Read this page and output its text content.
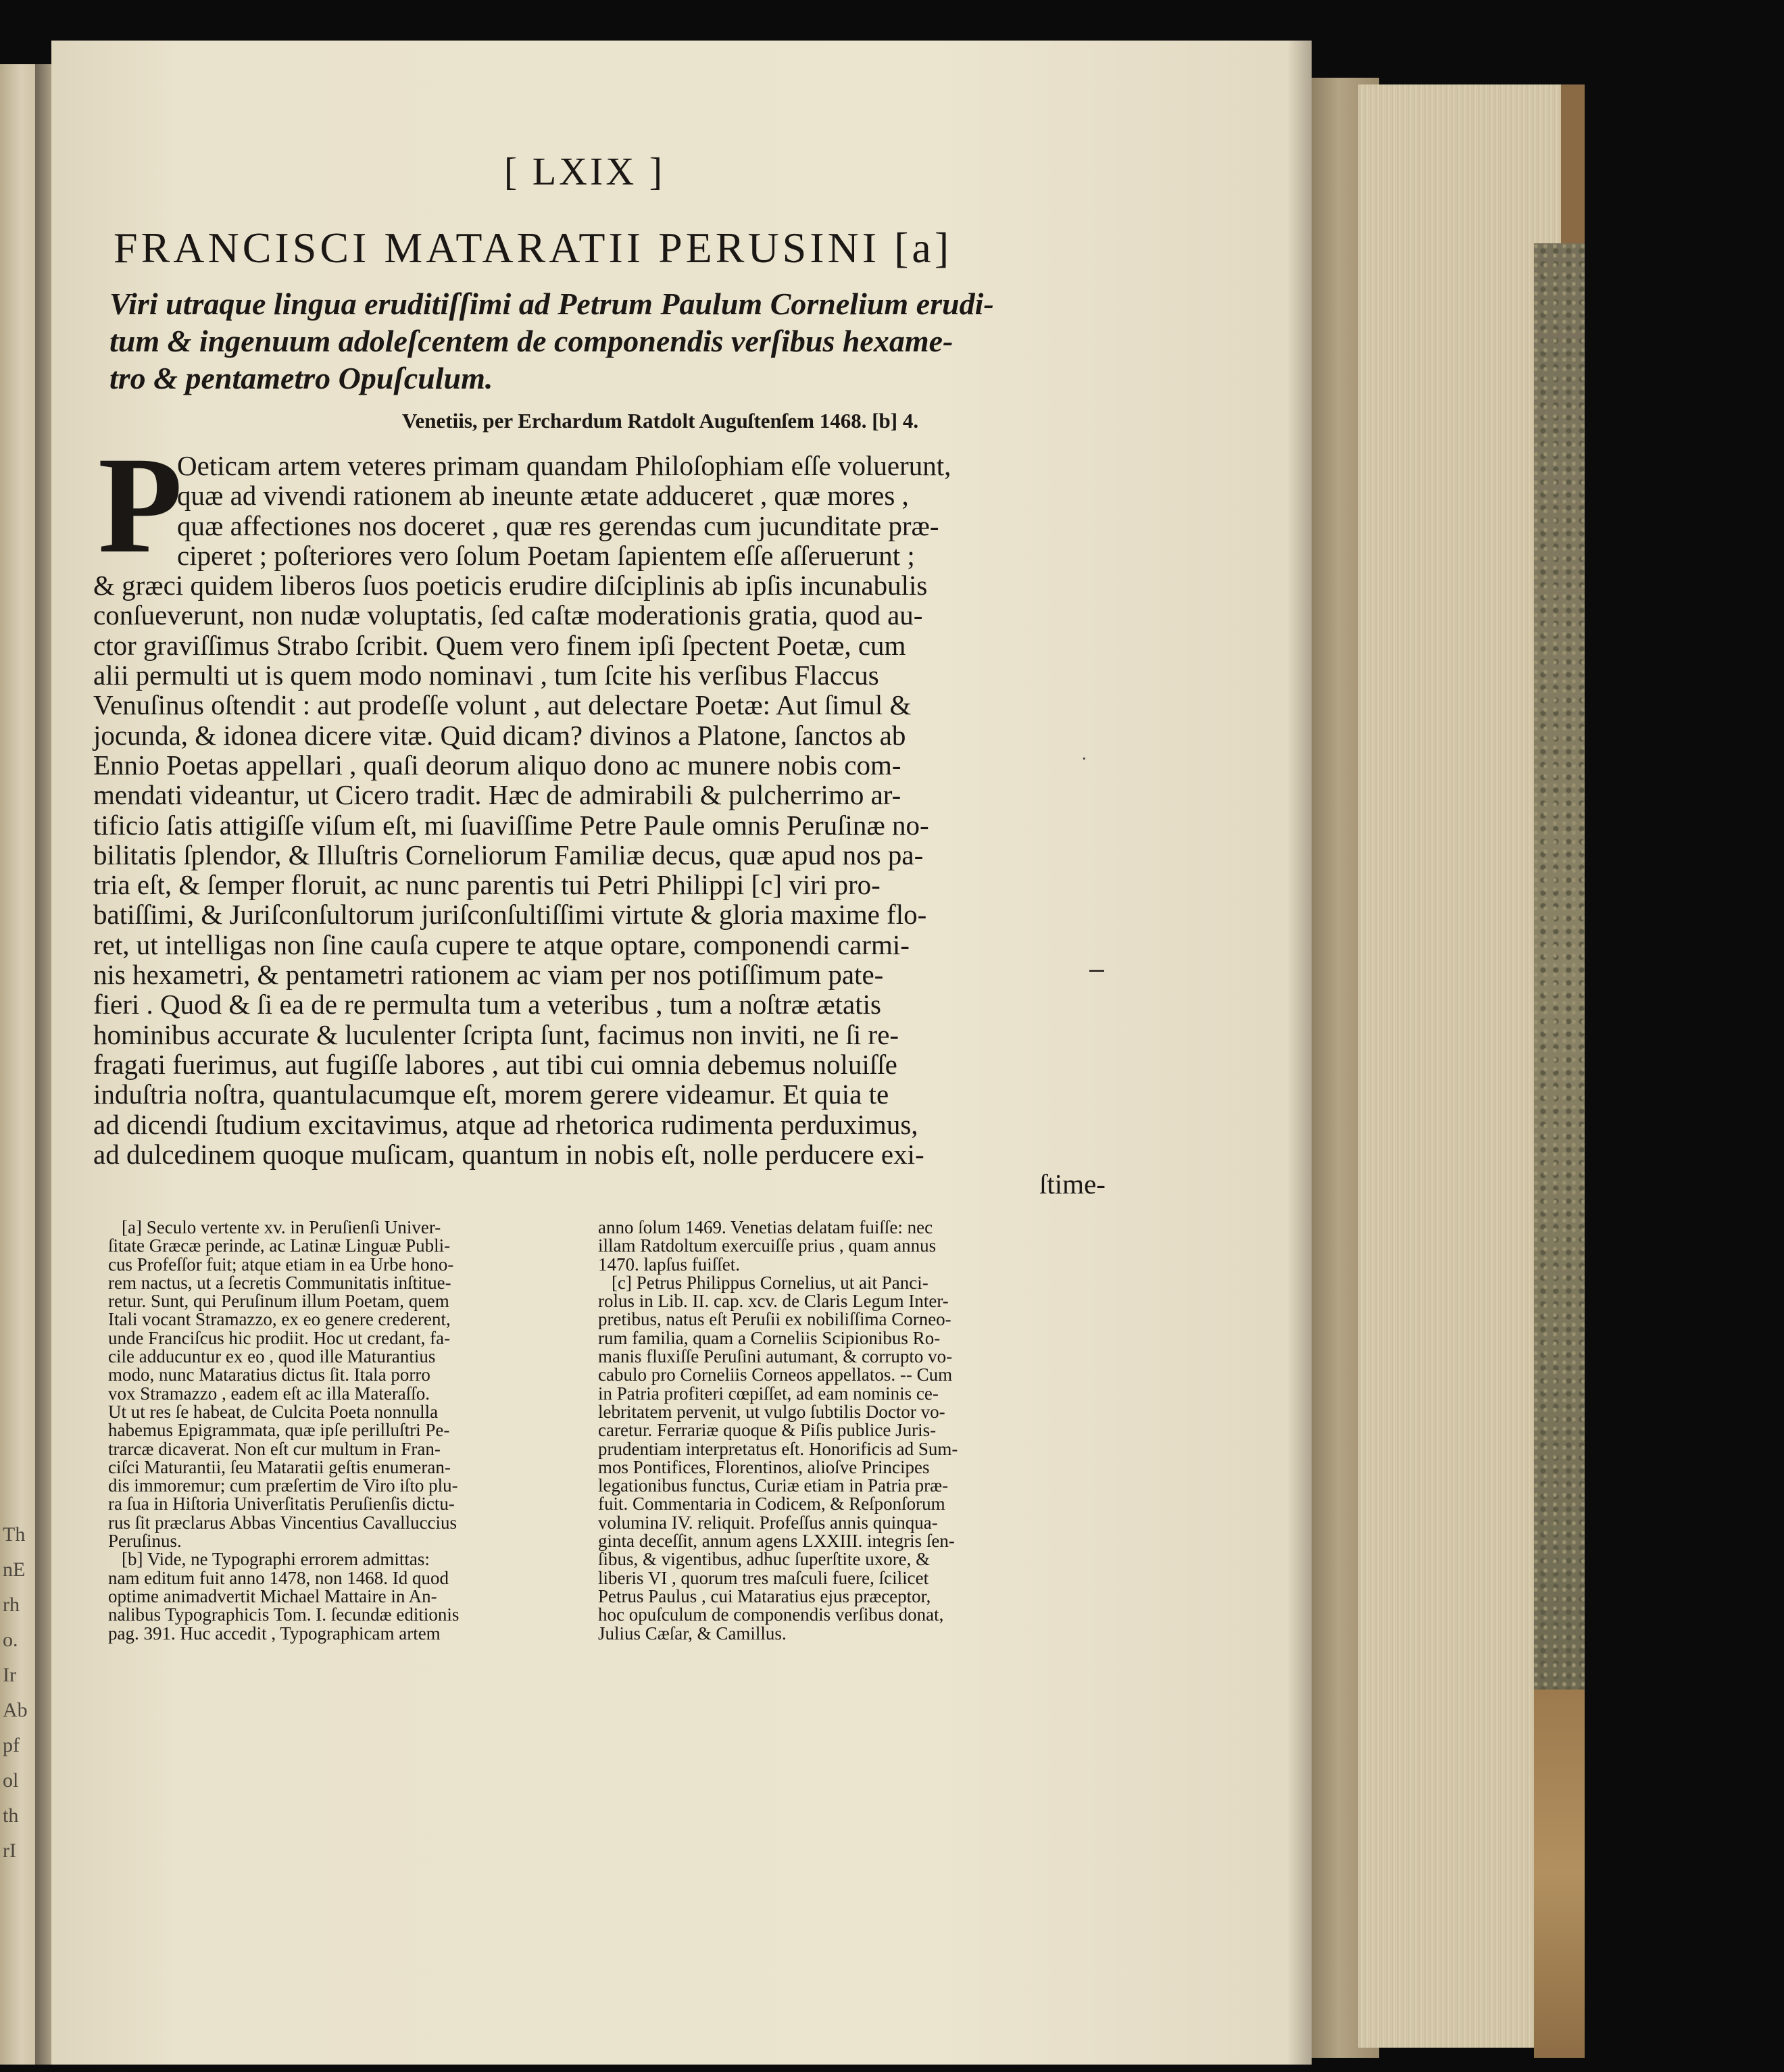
Th
nE
rh
o.
Ir
Ab
pf
ol
th
rI
[ LXIX ]
FRANCISCI MATARATII PERUSINI [a]
Viri utraque lingua eruditiſſimi ad Petrum Paulum Cornelium erudi-
tum & ingenuum adoleſcentem de componendis verſibus hexame-
tro & pentametro Opuſculum.
Venetiis, per Erchardum Ratdolt Auguſtenſem 1468. [b] 4.
P
Oeticam artem veteres primam quandam Philoſophiam eſſe voluerunt,
quæ ad vivendi rationem ab ineunte ætate adduceret , quæ mores ,
quæ affectiones nos doceret , quæ res gerendas cum jucunditate præ-
ciperet ; poſteriores vero ſolum Poetam ſapientem eſſe aſſeruerunt ;
& græci quidem liberos ſuos poeticis erudire diſciplinis ab ipſis incunabulis
conſueverunt, non nudæ voluptatis, ſed caſtæ moderationis gratia, quod au-
ctor graviſſimus Strabo ſcribit. Quem vero finem ipſi ſpectent Poetæ, cum
alii permulti ut is quem modo nominavi , tum ſcite his verſibus Flaccus
Venuſinus oſtendit : aut prodeſſe volunt , aut delectare Poetæ: Aut ſimul &
jocunda, & idonea dicere vitæ. Quid dicam? divinos a Platone, ſanctos ab
Ennio Poetas appellari , quaſi deorum aliquo dono ac munere nobis com-
mendati videantur, ut Cicero tradit. Hæc de admirabili & pulcherrimo ar-
tificio ſatis attigiſſe viſum eſt, mi ſuaviſſime Petre Paule omnis Peruſinæ no-
bilitatis ſplendor, & Illuſtris Corneliorum Familiæ decus, quæ apud nos pa-
tria eſt, & ſemper floruit, ac nunc parentis tui Petri Philippi [c] viri pro-
batiſſimi, & Juriſconſultorum juriſconſultiſſimi virtute & gloria maxime flo-
ret, ut intelligas non ſine cauſa cupere te atque optare, componendi carmi-
nis hexametri, & pentametri rationem ac viam per nos potiſſimum pate-
fieri . Quod & ſi ea de re permulta tum a veteribus , tum a noſtræ ætatis
hominibus accurate & luculenter ſcripta ſunt, facimus non inviti, ne ſi re-
fragati fuerimus, aut fugiſſe labores , aut tibi cui omnia debemus noluiſſe
induſtria noſtra, quantulacumque eſt, morem gerere videamur. Et quia te
ad dicendi ſtudium excitavimus, atque ad rhetorica rudimenta perduximus,
ad dulcedinem quoque muſicam, quantum in nobis eſt, nolle perducere exi-
ſtime-
·
[a] Seculo vertente xv. in Peruſienſi Univer-
ſitate Græcæ perinde, ac Latinæ Linguæ Publi-
cus Profeſſor fuit; atque etiam in ea Urbe hono-
rem nactus, ut a ſecretis Communitatis inſtitue-
retur. Sunt, qui Peruſinum illum Poetam, quem
Itali vocant Stramazzo, ex eo genere crederent,
unde Franciſcus hic prodiit. Hoc ut credant, fa-
cile adducuntur ex eo , quod ille Maturantius
modo, nunc Mataratius dictus ſit. Itala porro
vox Stramazzo , eadem eſt ac illa Materaſſo.
Ut ut res ſe habeat, de Culcita Poeta nonnulla
habemus Epigrammata, quæ ipſe perilluſtri Pe-
trarcæ dicaverat. Non eſt cur multum in Fran-
ciſci Maturantii, ſeu Mataratii geſtis enumeran-
dis immoremur; cum præſertim de Viro iſto plu-
ra ſua in Hiſtoria Univerſitatis Peruſienſis dictu-
rus ſit præclarus Abbas Vincentius Cavalluccius
Peruſinus.
[b] Vide, ne Typographi errorem admittas:
nam editum fuit anno 1478, non 1468. Id quod
optime animadvertit Michael Mattaire in An-
nalibus Typographicis Tom. I. ſecundæ editionis
pag. 391. Huc accedit , Typographicam artem
anno ſolum 1469. Venetias delatam fuiſſe: nec
illam Ratdoltum exercuiſſe prius , quam annus
1470. lapſus fuiſſet.
[c] Petrus Philippus Cornelius, ut ait Panci-
rolus in Lib. II. cap. xcv. de Claris Legum Inter-
pretibus, natus eſt Peruſii ex nobiliſſima Corneo-
rum familia, quam a Corneliis Scipionibus Ro-
manis fluxiſſe Peruſini autumant, & corrupto vo-
cabulo pro Corneliis Corneos appellatos. -- Cum
in Patria profiteri cœpiſſet, ad eam nominis ce-
lebritatem pervenit, ut vulgo ſubtilis Doctor vo-
caretur. Ferrariæ quoque & Piſis publice Juris-
prudentiam interpretatus eſt. Honorificis ad Sum-
mos Pontifices, Florentinos, alioſve Principes
legationibus functus, Curiæ etiam in Patria præ-
fuit. Commentaria in Codicem, & Reſponſorum
volumina IV. reliquit. Profeſſus annis quinqua-
ginta deceſſit, annum agens LXXIII. integris ſen-
ſibus, & vigentibus, adhuc ſuperſtite uxore, &
liberis VI , quorum tres maſculi fuere, ſcilicet
Petrus Paulus , cui Mataratius ejus præceptor,
hoc opuſculum de componendis verſibus donat,
Julius Cæſar, & Camillus.
